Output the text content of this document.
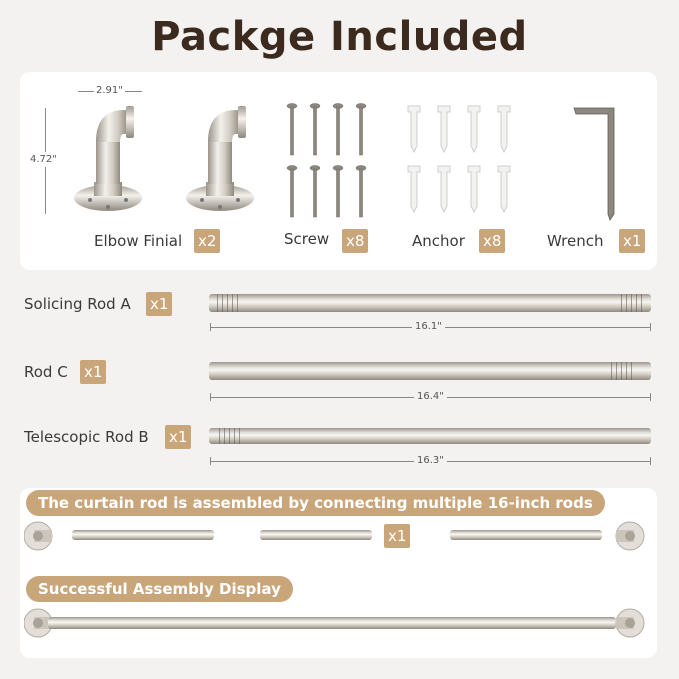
Packge Included
2.91"
4.72"
Elbow Finial x2	Screw x8	Anchor x8	Wrench x1
Solicing Rod A x1
16.1"
Rod C x1
16.4"
Telescopic Rod B x1
16.3"
The curtain rod is assembled by connecting multiple 16-inch rods
x1
Successful Assembly Display
